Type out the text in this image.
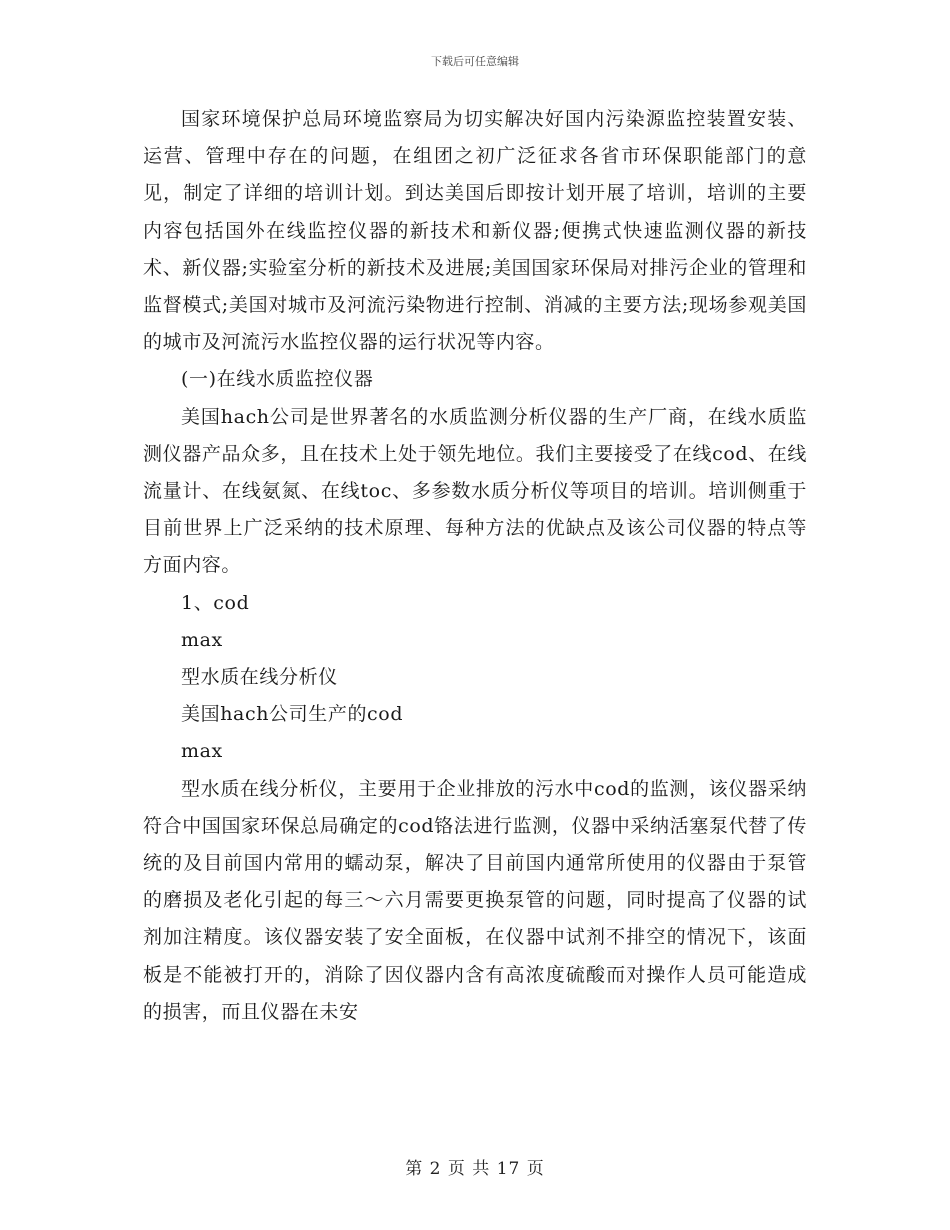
下载后可任意编辑

国家环境保护总局环境监察局为切实解决好国内污染源监控装置安装、运营、管理中存在的问题，在组团之初广泛征求各省市环保职能部门的意见，制定了详细的培训计划。到达美国后即按计划开展了培训，培训的主要内容包括国外在线监控仪器的新技术和新仪器;便携式快速监测仪器的新技术、新仪器;实验室分析的新技术及进展;美国国家环保局对排污企业的管理和监督模式;美国对城市及河流污染物进行控制、消减的主要方法;现场参观美国的城市及河流污水监控仪器的运行状况等内容。

(一)在线水质监控仪器

美国hach公司是世界著名的水质监测分析仪器的生产厂商，在线水质监测仪器产品众多，且在技术上处于领先地位。我们主要接受了在线cod、在线流量计、在线氨氮、在线toc、多参数水质分析仪等项目的培训。培训侧重于目前世界上广泛采纳的技术原理、每种方法的优缺点及该公司仪器的特点等方面内容。

1、cod

max

型水质在线分析仪

美国hach公司生产的cod

max

型水质在线分析仪，主要用于企业排放的污水中cod的监测，该仪器采纳符合中国国家环保总局确定的cod铬法进行监测，仪器中采纳活塞泵代替了传统的及目前国内常用的蠕动泵，解决了目前国内通常所使用的仪器由于泵管的磨损及老化引起的每三～六月需要更换泵管的问题，同时提高了仪器的试剂加注精度。该仪器安装了安全面板，在仪器中试剂不排空的情况下，该面板是不能被打开的，消除了因仪器内含有高浓度硫酸而对操作人员可能造成的损害，而且仪器在未安

第 2 页 共 17 页
